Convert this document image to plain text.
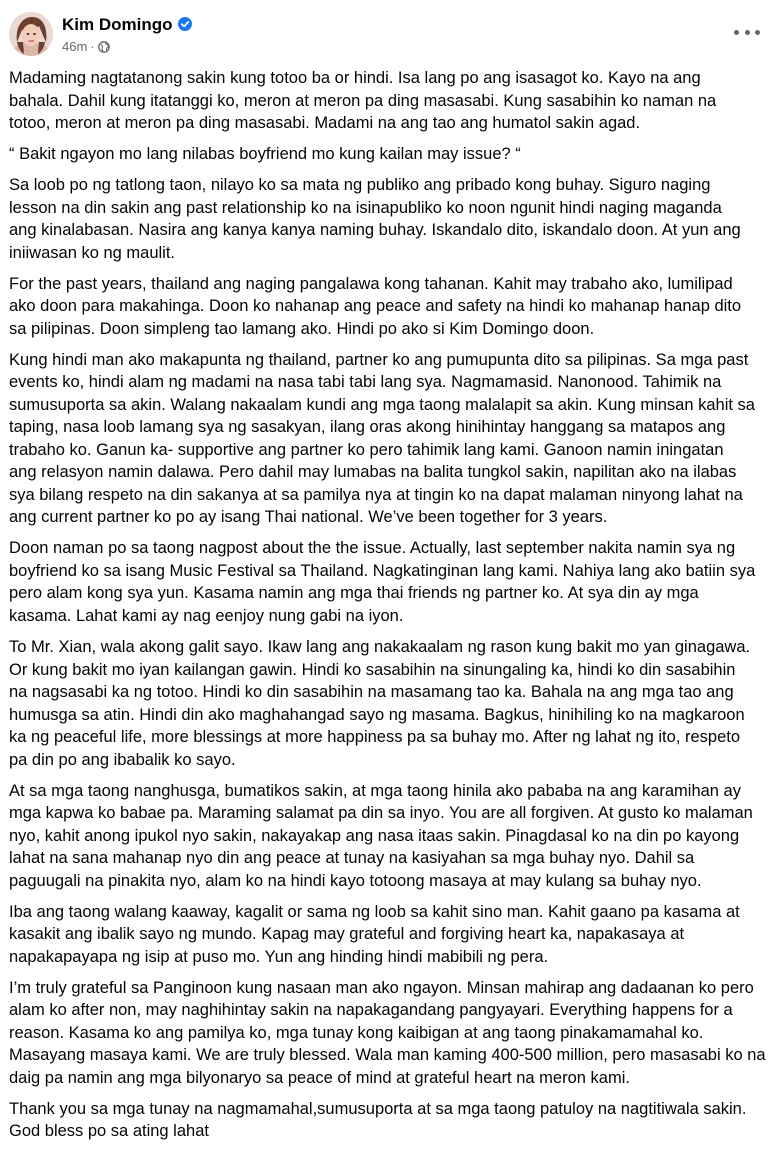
Kim Domingo
46m ·

Madaming nagtatanong sakin kung totoo ba or hindi. Isa lang po ang isasagot ko. Kayo na ang
bahala. Dahil kung itatanggi ko, meron at meron pa ding masasabi. Kung sasabihin ko naman na
totoo, meron at meron pa ding masasabi. Madami na ang tao ang humatol sakin agad.

“ Bakit ngayon mo lang nilabas boyfriend mo kung kailan may issue? “

Sa loob po ng tatlong taon, nilayo ko sa mata ng publiko ang pribado kong buhay. Siguro naging
lesson na din sakin ang past relationship ko na isinapubliko ko noon ngunit hindi naging maganda
ang kinalabasan. Nasira ang kanya kanya naming buhay. Iskandalo dito, iskandalo doon. At yun ang
iniiwasan ko ng maulit.

For the past years, thailand ang naging pangalawa kong tahanan. Kahit may trabaho ako, lumilipad
ako doon para makahinga. Doon ko nahanap ang peace and safety na hindi ko mahanap hanap dito
sa pilipinas. Doon simpleng tao lamang ako. Hindi po ako si Kim Domingo doon.

Kung hindi man ako makapunta ng thailand, partner ko ang pumupunta dito sa pilipinas. Sa mga past
events ko, hindi alam ng madami na nasa tabi tabi lang sya. Nagmamasid. Nanonood. Tahimik na
sumusuporta sa akin. Walang nakaalam kundi ang mga taong malalapit sa akin. Kung minsan kahit sa
taping, nasa loob lamang sya ng sasakyan, ilang oras akong hinihintay hanggang sa matapos ang
trabaho ko. Ganun ka- supportive ang partner ko pero tahimik lang kami. Ganoon namin iningatan
ang relasyon namin dalawa. Pero dahil may lumabas na balita tungkol sakin, napilitan ako na ilabas
sya bilang respeto na din sakanya at sa pamilya nya at tingin ko na dapat malaman ninyong lahat na
ang current partner ko po ay isang Thai national. We’ve been together for 3 years.

Doon naman po sa taong nagpost about the the issue. Actually, last september nakita namin sya ng
boyfriend ko sa isang Music Festival sa Thailand. Nagkatinginan lang kami. Nahiya lang ako batiin sya
pero alam kong sya yun. Kasama namin ang mga thai friends ng partner ko. At sya din ay mga
kasama. Lahat kami ay nag eenjoy nung gabi na iyon.

To Mr. Xian, wala akong galit sayo. Ikaw lang ang nakakaalam ng rason kung bakit mo yan ginagawa.
Or kung bakit mo iyan kailangan gawin. Hindi ko sasabihin na sinungaling ka, hindi ko din sasabihin
na nagsasabi ka ng totoo. Hindi ko din sasabihin na masamang tao ka. Bahala na ang mga tao ang
humusga sa atin. Hindi din ako maghahangad sayo ng masama. Bagkus, hinihiling ko na magkaroon
ka ng peaceful life, more blessings at more happiness pa sa buhay mo. After ng lahat ng ito, respeto
pa din po ang ibabalik ko sayo.

At sa mga taong nanghusga, bumatikos sakin, at mga taong hinila ako pababa na ang karamihan ay
mga kapwa ko babae pa. Maraming salamat pa din sa inyo. You are all forgiven. At gusto ko malaman
nyo, kahit anong ipukol nyo sakin, nakayakap ang nasa itaas sakin. Pinagdasal ko na din po kayong
lahat na sana mahanap nyo din ang peace at tunay na kasiyahan sa mga buhay nyo. Dahil sa
paguugali na pinakita nyo, alam ko na hindi kayo totoong masaya at may kulang sa buhay nyo.

Iba ang taong walang kaaway, kagalit or sama ng loob sa kahit sino man. Kahit gaano pa kasama at
kasakit ang ibalik sayo ng mundo. Kapag may grateful and forgiving heart ka, napakasaya at
napakapayapa ng isip at puso mo. Yun ang hinding hindi mabibili ng pera.

I’m truly grateful sa Panginoon kung nasaan man ako ngayon. Minsan mahirap ang dadaanan ko pero
alam ko after non, may naghihintay sakin na napakagandang pangyayari. Everything happens for a
reason. Kasama ko ang pamilya ko, mga tunay kong kaibigan at ang taong pinakamamahal ko.
Masayang masaya kami. We are truly blessed. Wala man kaming 400-500 million, pero masasabi ko na
daig pa namin ang mga bilyonaryo sa peace of mind at grateful heart na meron kami.

Thank you sa mga tunay na nagmamahal,sumusuporta at sa mga taong patuloy na nagtitiwala sakin.
God bless po sa ating lahat
